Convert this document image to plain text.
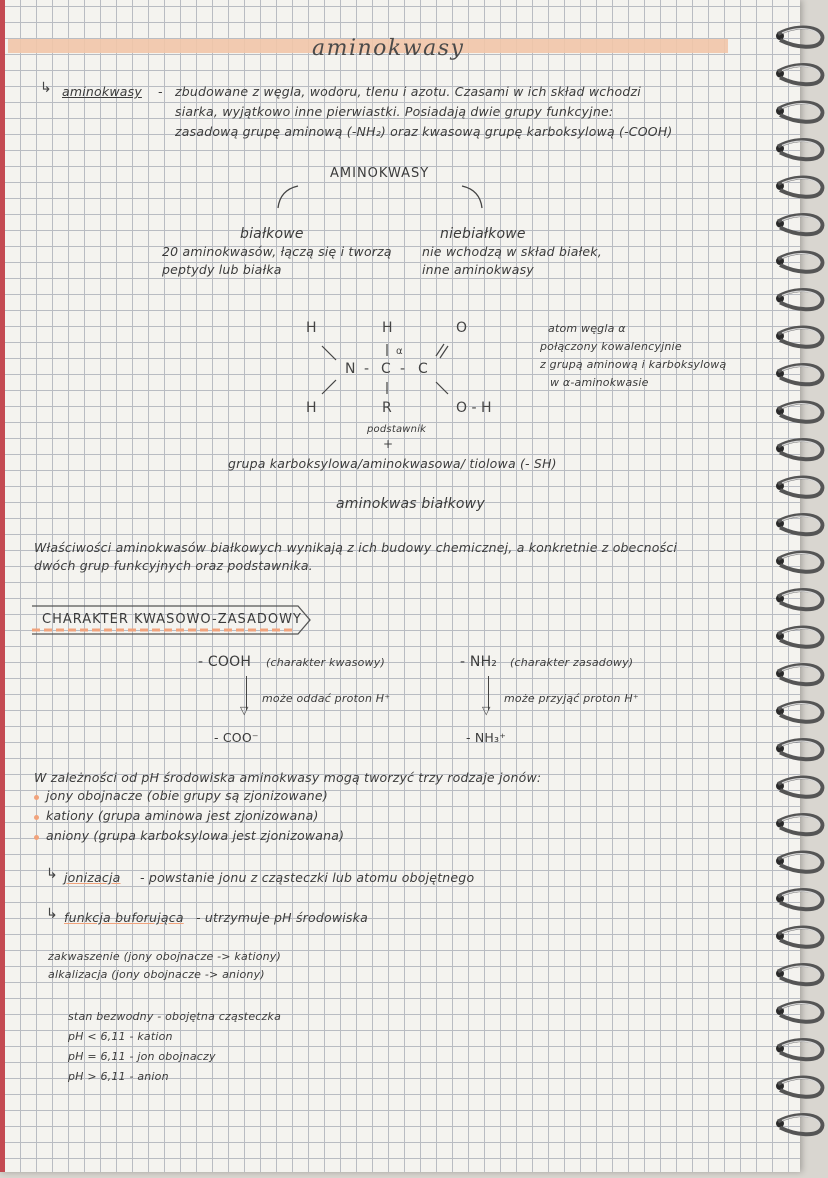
aminokwasy
↳ aminokwasy - zbudowane z węgla, wodoru, tlenu i azotu. Czasami w ich skład wchodzi
siarka, wyjątkowo inne pierwiastki. Posiadają dwie grupy funkcyjne:
zasadową grupę aminową (-NH₂) oraz kwasową grupę karboksylową (-COOH)
AMINOKWASY
białkowe
20 aminokwasów, łączą się i tworzą
peptydy lub białka
niebiałkowe
nie wchodzą w skład białek,
inne aminokwasy
H	H	O
N - C - C
α
H	R	O - H
atom węgla α
połączony kowalencyjnie
z grupą aminową i karboksylową
w α-aminokwasie
podstawnik
+
grupa karboksylowa/aminokwasowa/ tiolowa (- SH)
aminokwas białkowy
Właściwości aminokwasów białkowych wynikają z ich budowy chemicznej, a konkretnie z obecności
dwóch grup funkcyjnych oraz podstawnika.
CHARAKTER KWASOWO-ZASADOWY
- COOH (charakter kwasowy)
▽
może oddać proton H⁺
- COO⁻
- NH₂ (charakter zasadowy)
▽
może przyjąć proton H⁺
- NH₃⁺
W zależności od pH środowiska aminokwasy mogą tworzyć trzy rodzaje jonów:
jony obojnacze (obie grupy są zjonizowane)
kationy (grupa aminowa jest zjonizowana)
aniony (grupa karboksylowa jest zjonizowana)
↳ jonizacja - powstanie jonu z cząsteczki lub atomu obojętnego
↳ funkcja buforująca - utrzymuje pH środowiska
zakwaszenie (jony obojnacze -> kationy)
alkalizacja (jony obojnacze -> aniony)
stan bezwodny - obojętna cząsteczka
pH < 6,11 - kation
pH = 6,11 - jon obojnaczy
pH > 6,11 - anion
